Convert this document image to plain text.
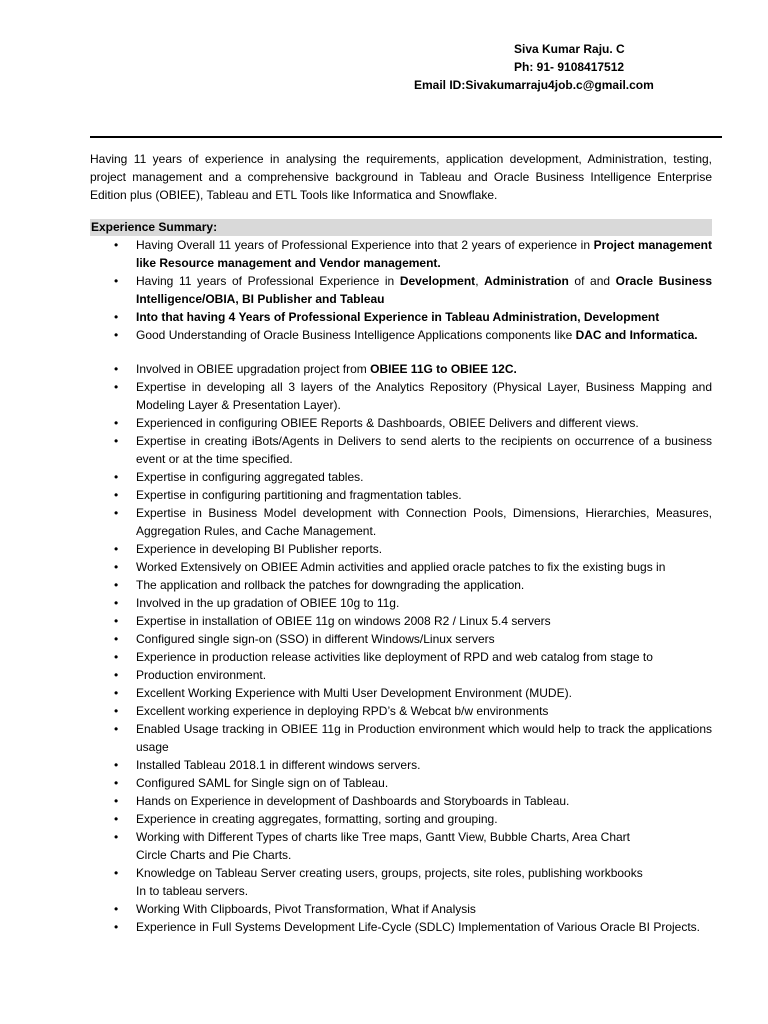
Siva Kumar Raju. C
Ph: 91- 9108417512
Email ID:Sivakumarraju4job.c@gmail.com

Having 11 years of experience in analysing the requirements, application development, Administration, testing, project management and a comprehensive background in Tableau and Oracle Business Intelligence Enterprise Edition plus (OBIEE), Tableau and ETL Tools like Informatica and Snowflake.

Experience Summary:
• Having Overall 11 years of Professional Experience into that 2 years of experience in Project management like Resource management and Vendor management.
• Having 11 years of Professional Experience in Development, Administration of and Oracle Business Intelligence/OBIA, BI Publisher and Tableau
• Into that having 4 Years of Professional Experience in Tableau Administration, Development
• Good Understanding of Oracle Business Intelligence Applications components like DAC and Informatica.
• Involved in OBIEE upgradation project from OBIEE 11G to OBIEE 12C.
• Expertise in developing all 3 layers of the Analytics Repository (Physical Layer, Business Mapping and Modeling Layer & Presentation Layer).
• Experienced in configuring OBIEE Reports & Dashboards, OBIEE Delivers and different views.
• Expertise in creating iBots/Agents in Delivers to send alerts to the recipients on occurrence of a business event or at the time specified.
• Expertise in configuring aggregated tables.
• Expertise in configuring partitioning and fragmentation tables.
• Expertise in Business Model development with Connection Pools, Dimensions, Hierarchies, Measures, Aggregation Rules, and Cache Management.
• Experience in developing BI Publisher reports.
• Worked Extensively on OBIEE Admin activities and applied oracle patches to fix the existing bugs in
• The application and rollback the patches for downgrading the application.
• Involved in the up gradation of OBIEE 10g to 11g.
• Expertise in installation of OBIEE 11g on windows 2008 R2 / Linux 5.4 servers
• Configured single sign-on (SSO) in different Windows/Linux servers
• Experience in production release activities like deployment of RPD and web catalog from stage to
• Production environment.
• Excellent Working Experience with Multi User Development Environment (MUDE).
• Excellent working experience in deploying RPD’s & Webcat b/w environments
• Enabled Usage tracking in OBIEE 11g in Production environment which would help to track the applications usage
• Installed Tableau 2018.1 in different windows servers.
• Configured SAML for Single sign on of Tableau.
• Hands on Experience in development of Dashboards and Storyboards in Tableau.
• Experience in creating aggregates, formatting, sorting and grouping.
• Working with Different Types of charts like Tree maps, Gantt View, Bubble Charts, Area Chart
Circle Charts and Pie Charts.
• Knowledge on Tableau Server creating users, groups, projects, site roles, publishing workbooks
In to tableau servers.
• Working With Clipboards, Pivot Transformation, What if Analysis
• Experience in Full Systems Development Life-Cycle (SDLC) Implementation of Various Oracle BI Projects.
